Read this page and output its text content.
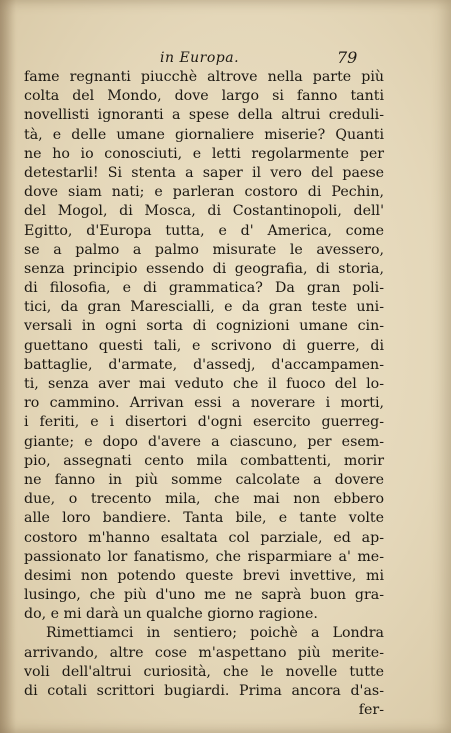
in Europa.	79
fame regnanti piucchè altrove nella parte più
colta del Mondo, dove largo si fanno tanti
novellisti ignoranti a spese della altrui creduli-
tà, e delle umane giornaliere miserie? Quanti
ne ho io conosciuti, e letti regolarmente per
detestarli! Si stenta a saper il vero del paese
dove siam nati; e parleran costoro di Pechin,
del Mogol, di Mosca, di Costantinopoli, dell'
Egitto, d'Europa tutta, e d' America, come
se a palmo a palmo misurate le avessero,
senza principio essendo di geografia, di storia,
di filosofia, e di grammatica? Da gran poli-
tici, da gran Marescialli, e da gran teste uni-
versali in ogni sorta di cognizioni umane cin-
guettano questi tali, e scrivono di guerre, di
battaglie, d'armate, d'assedj, d'accampamen-
ti, senza aver mai veduto che il fuoco del lo-
ro cammino. Arrivan essi a noverare i morti,
i feriti, e i disertori d'ogni esercito guerreg-
giante; e dopo d'avere a ciascuno, per esem-
pio, assegnati cento mila combattenti, morir
ne fanno in più somme calcolate a dovere
due, o trecento mila, che mai non ebbero
alle loro bandiere. Tanta bile, e tante volte
costoro m'hanno esaltata col parziale, ed ap-
passionato lor fanatismo, che risparmiare a' me-
desimi non potendo queste brevi invettive, mi
lusingo, che più d'uno me ne saprà buon gra-
do, e mi darà un qualche giorno ragione.
Rimettiamci in sentiero; poichè a Londra
arrivando, altre cose m'aspettano più merite-
voli dell'altrui curiosità, che le novelle tutte
di cotali scrittori bugiardi. Prima ancora d'as-
fer-
